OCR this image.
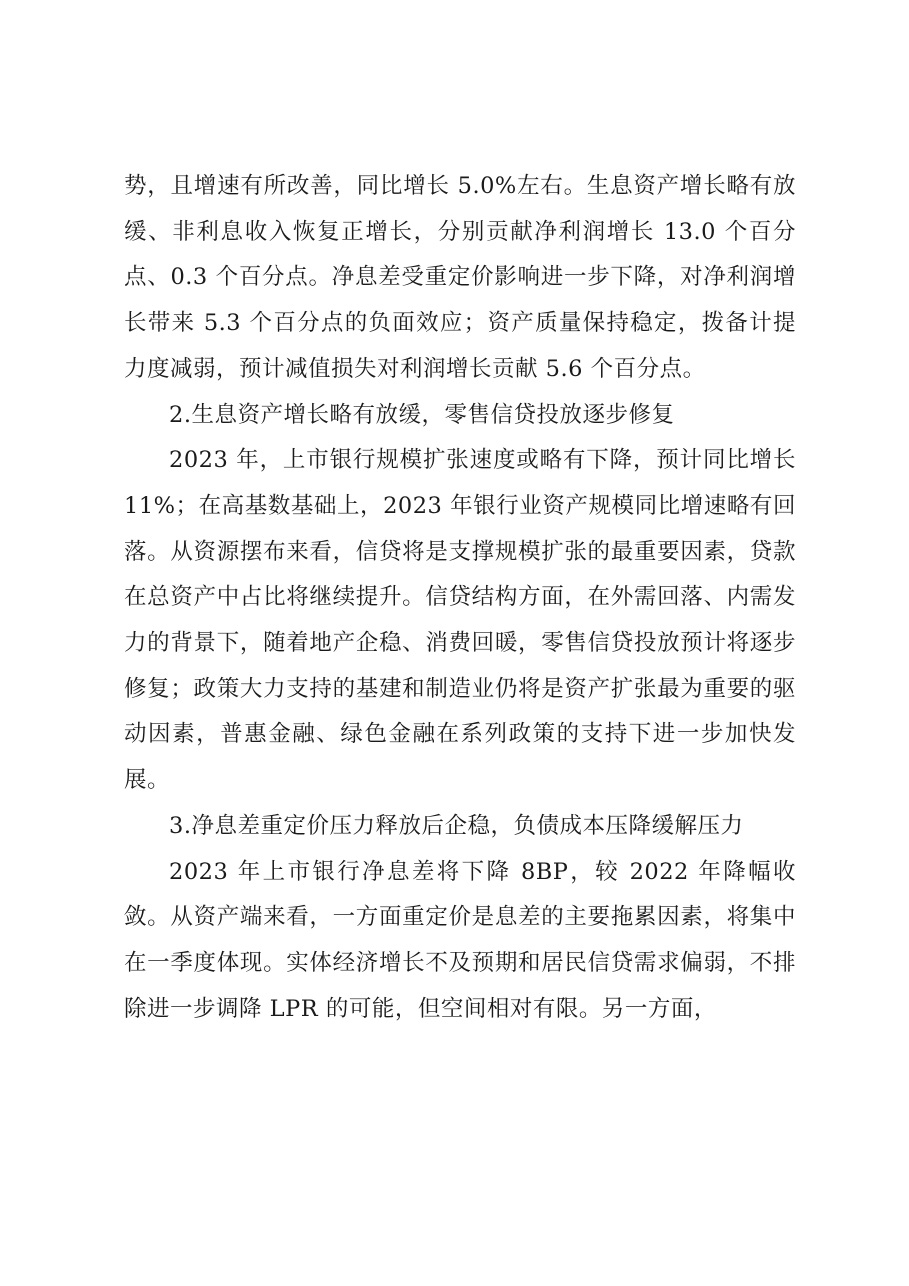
势，且增速有所改善，同比增长 5.0%左右。生息资产增长略有放缓、非利息收入恢复正增长，分别贡献净利润增长 13.0 个百分点、0.3 个百分点。净息差受重定价影响进一步下降，对净利润增长带来 5.3 个百分点的负面效应；资产质量保持稳定，拨备计提力度减弱，预计减值损失对利润增长贡献 5.6 个百分点。

2.生息资产增长略有放缓，零售信贷投放逐步修复

2023 年，上市银行规模扩张速度或略有下降，预计同比增长 11%；在高基数基础上，2023 年银行业资产规模同比增速略有回落。从资源摆布来看，信贷将是支撑规模扩张的最重要因素，贷款在总资产中占比将继续提升。信贷结构方面，在外需回落、内需发力的背景下，随着地产企稳、消费回暖，零售信贷投放预计将逐步修复；政策大力支持的基建和制造业仍将是资产扩张最为重要的驱动因素，普惠金融、绿色金融在系列政策的支持下进一步加快发展。

3.净息差重定价压力释放后企稳，负债成本压降缓解压力

2023 年上市银行净息差将下降 8BP，较 2022 年降幅收敛。从资产端来看，一方面重定价是息差的主要拖累因素，将集中在一季度体现。实体经济增长不及预期和居民信贷需求偏弱，不排除进一步调降 LPR 的可能，但空间相对有限。另一方面，
